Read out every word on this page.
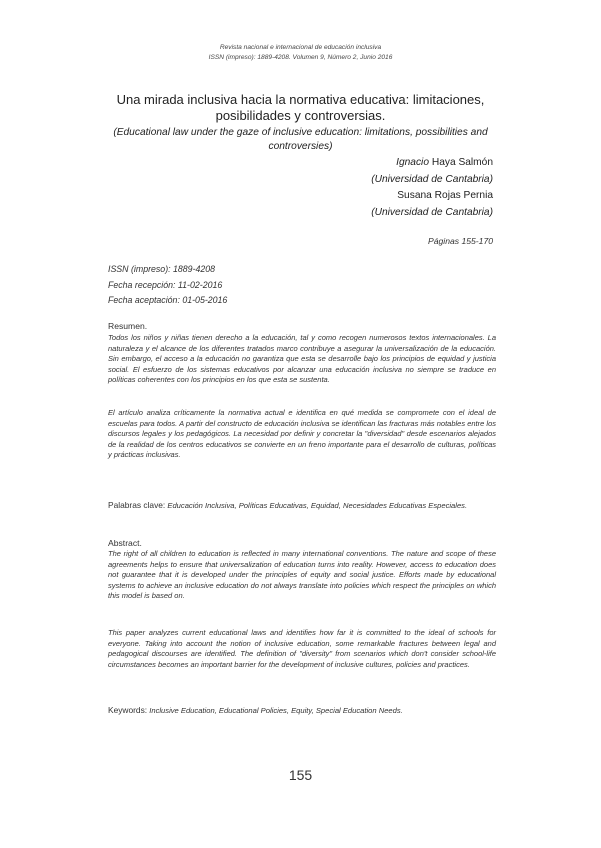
Revista nacional e internacional de educación inclusiva
ISSN (impreso): 1889-4208. Volumen 9, Número 2, Junio 2016
Una mirada inclusiva hacia la normativa educativa: limitaciones, posibilidades y controversias.

(Educational law under the gaze of inclusive education: limitations, possibilities and controversies)

Ignacio Haya Salmón
(Universidad de Cantabria)
Susana Rojas Pernia
(Universidad de Cantabria)
Páginas 155-170
ISSN (impreso): 1889-4208
Fecha recepción: 11-02-2016
Fecha aceptación: 01-05-2016
Resumen.

Todos los niños y niñas tienen derecho a la educación, tal y como recogen numerosos textos internacionales. La naturaleza y el alcance de los diferentes tratados marco contribuye a asegurar la universalización de la educación. Sin embargo, el acceso a la educación no garantiza que esta se desarrolle bajo los principios de equidad y justicia social. El esfuerzo de los sistemas educativos por alcanzar una educación inclusiva no siempre se traduce en políticas coherentes con los principios en los que esta se sustenta.

El artículo analiza críticamente la normativa actual e identifica en qué medida se compromete con el ideal de escuelas para todos. A partir del constructo de educación inclusiva se identifican las fracturas más notables entre los discursos legales y los pedagógicos. La necesidad por definir y concretar la "diversidad" desde escenarios alejados de la realidad de los centros educativos se convierte en un freno importante para el desarrollo de culturas, políticas y prácticas inclusivas.

Palabras clave: Educación Inclusiva, Políticas Educativas, Equidad, Necesidades Educativas Especiales.
Abstract.

The right of all children to education is reflected in many international conventions. The nature and scope of these agreements helps to ensure that universalization of education turns into reality. However, access to education does not guarantee that it is developed under the principles of equity and social justice. Efforts made by educational systems to achieve an inclusive education do not always translate into policies which respect the principles on which this model is based on.

This paper analyzes current educational laws and identifies how far it is committed to the ideal of schools for everyone. Taking into account the notion of inclusive education, some remarkable fractures between legal and pedagogical discourses are identified. The definition of "diversity" from scenarios which don't consider school-life circumstances becomes an important barrier for the development of inclusive cultures, policies and practices.

Keywords: Inclusive Education, Educational Policies, Equity, Special Education Needs.
155
